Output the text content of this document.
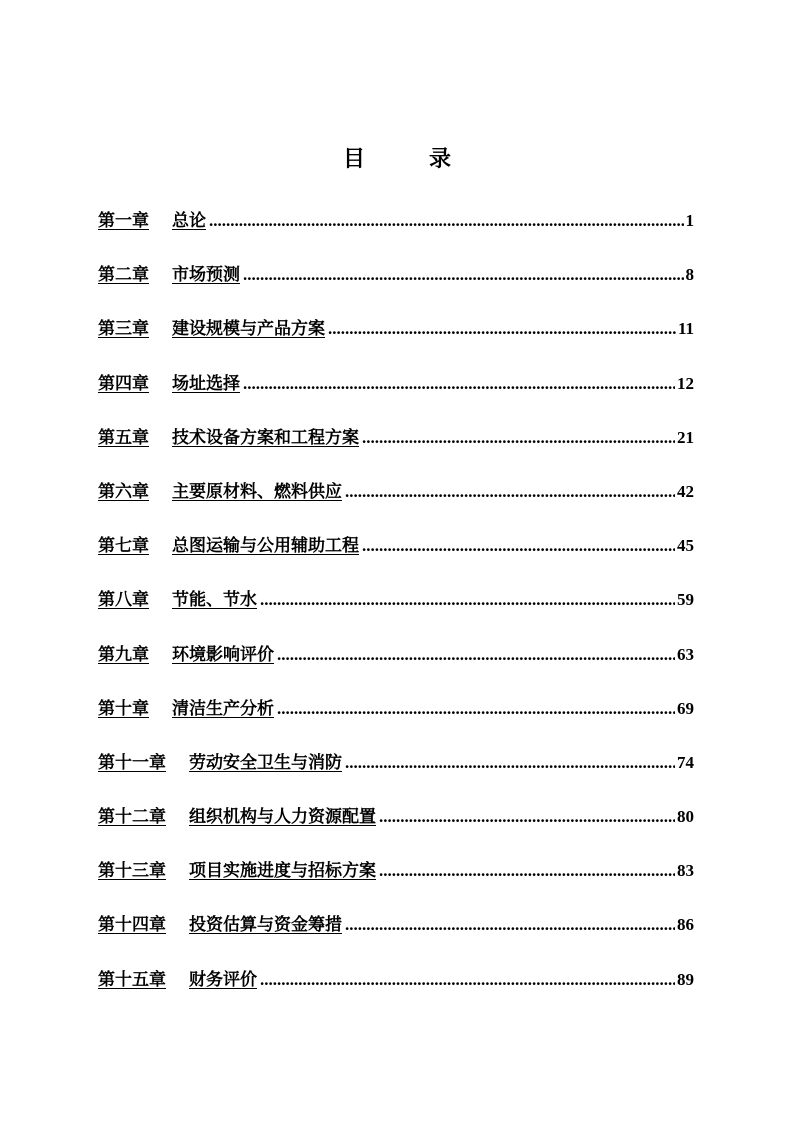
目	录
第一章 总论 .....	1
第二章 市场预测 .....	8
第三章 建设规模与产品方案 .....	11
第四章 场址选择 .....	12
第五章 技术设备方案和工程方案 .....	21
第六章 主要原材料、燃料供应 .....	42
第七章 总图运输与公用辅助工程 .....	45
第八章 节能、节水 .....	59
第九章 环境影响评价 .....	63
第十章 清洁生产分析 .....	69
第十一章 劳动安全卫生与消防 .....	74
第十二章 组织机构与人力资源配置 .....	80
第十三章 项目实施进度与招标方案 .....	83
第十四章 投资估算与资金筹措 .....	86
第十五章 财务评价 .....	89
